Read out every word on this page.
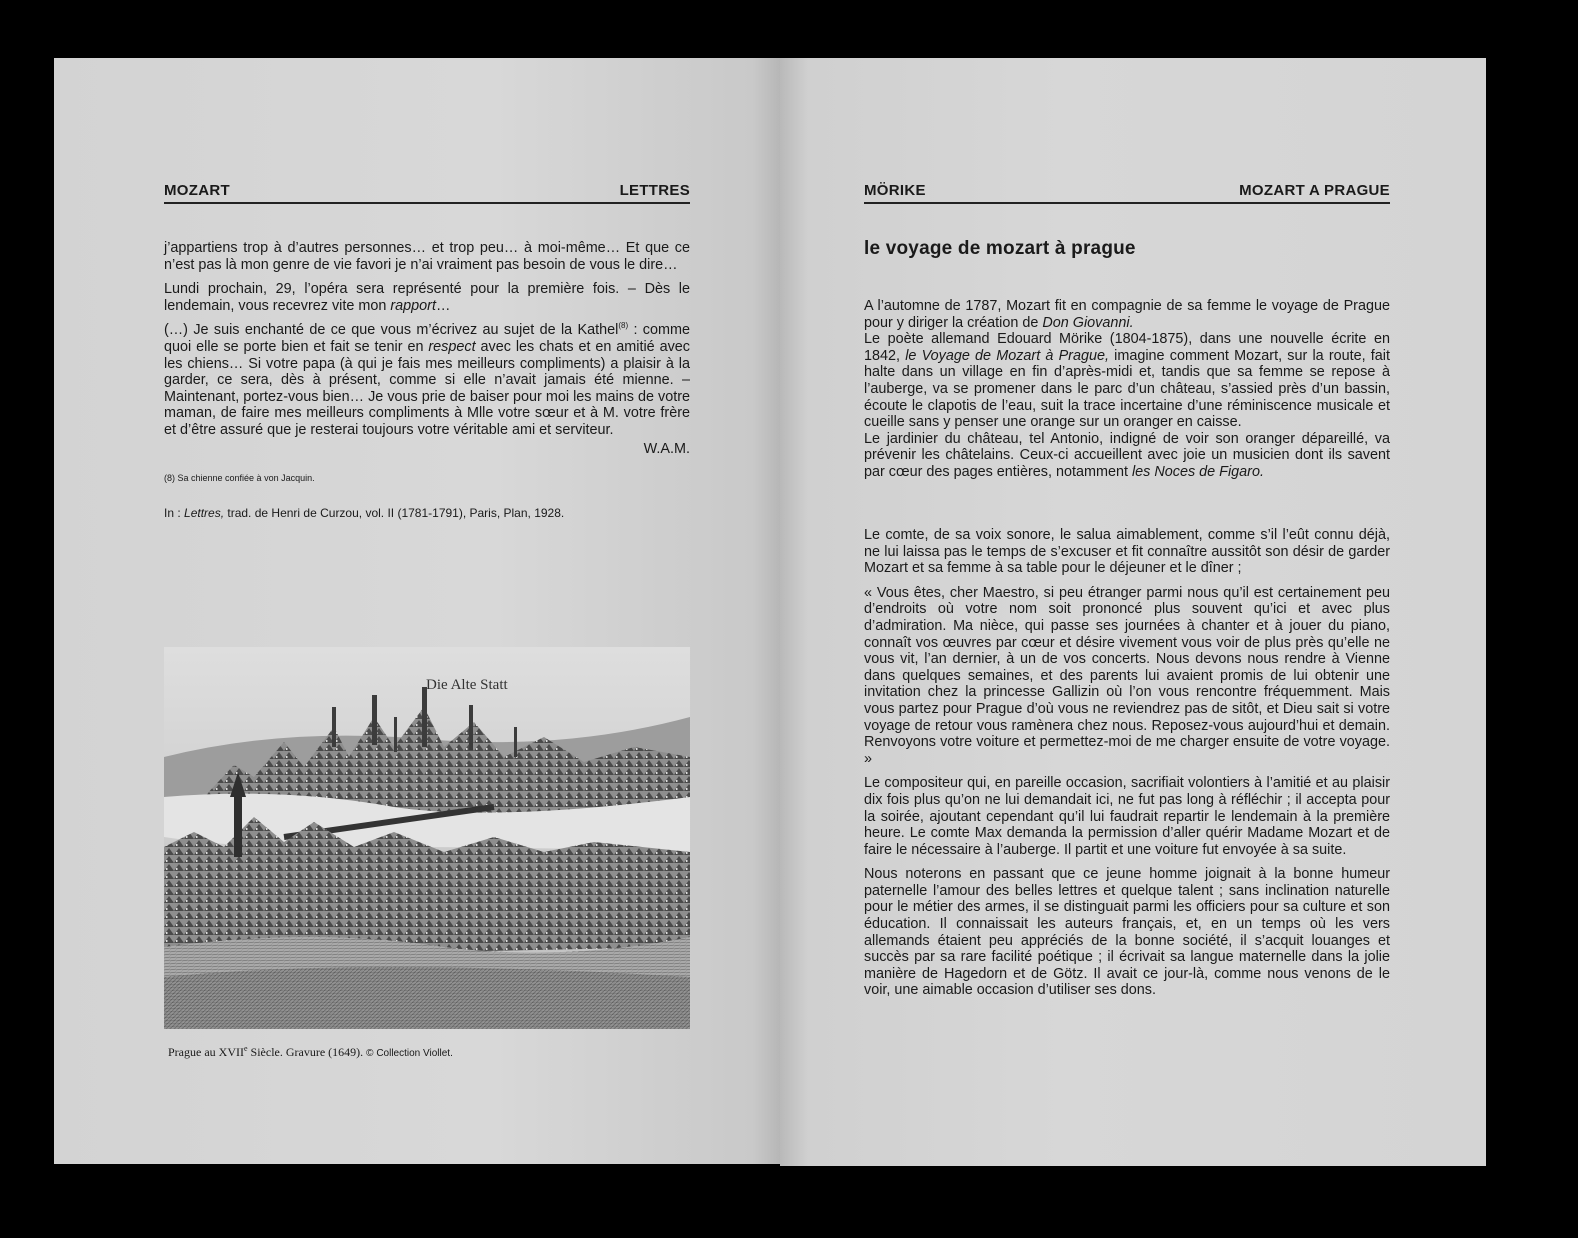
MOZART	LETTRES

j’appartiens trop à d’autres personnes… et trop peu… à moi-même… Et que ce n’est pas là mon genre de vie favori je n’ai vraiment pas besoin de vous le dire…

Lundi prochain, 29, l’opéra sera représenté pour la première fois. – Dès le lendemain, vous recevrez vite mon rapport…

(…) Je suis enchanté de ce que vous m’écrivez au sujet de la Kathel$^{(8)}$ : comme quoi elle se porte bien et fait se tenir en respect avec les chats et en amitié avec les chiens… Si votre papa (à qui je fais mes meilleurs compliments) a plaisir à la garder, ce sera, dès à présent, comme si elle n’avait jamais été mienne. – Maintenant, portez-vous bien… Je vous prie de baiser pour moi les mains de votre maman, de faire mes meilleurs compliments à Mlle votre sœur et à M. votre frère et d’être assuré que je resterai toujours votre véritable ami et serviteur.

W.A.M.
(8) Sa chienne confiée à von Jacquin.
In : Lettres, trad. de Henri de Curzou, vol. II (1781-1791), Paris, Plan, 1928.
Die Alte Statt
Prague au XVIIe Siècle. Gravure (1649). © Collection Viollet.
MÖRIKE	MOZART A PRAGUE
le voyage de mozart à prague

A l’automne de 1787, Mozart fit en compagnie de sa femme le voyage de Prague pour y diriger la création de Don Giovanni.

Le poète allemand Edouard Mörike (1804-1875), dans une nouvelle écrite en 1842, le Voyage de Mozart à Prague, imagine comment Mozart, sur la route, fait halte dans un village en fin d’après-midi et, tandis que sa femme se repose à l’auberge, va se promener dans le parc d’un château, s’assied près d’un bassin, écoute le clapotis de l’eau, suit la trace incertaine d’une réminiscence musicale et cueille sans y penser une orange sur un oranger en caisse.

Le jardinier du château, tel Antonio, indigné de voir son oranger dépareillé, va prévenir les châtelains. Ceux-ci accueillent avec joie un musicien dont ils savent par cœur des pages entières, notamment les Noces de Figaro.

Le comte, de sa voix sonore, le salua aimablement, comme s’il l’eût connu déjà, ne lui laissa pas le temps de s’excuser et fit connaître aussitôt son désir de garder Mozart et sa femme à sa table pour le déjeuner et le dîner ;

« Vous êtes, cher Maestro, si peu étranger parmi nous qu’il est certainement peu d’endroits où votre nom soit prononcé plus souvent qu’ici et avec plus d’admiration. Ma nièce, qui passe ses journées à chanter et à jouer du piano, connaît vos œuvres par cœur et désire vivement vous voir de plus près qu’elle ne vous vit, l’an dernier, à un de vos concerts. Nous devons nous rendre à Vienne dans quelques semaines, et des parents lui avaient promis de lui obtenir une invitation chez la princesse Gallizin où l’on vous rencontre fréquemment. Mais vous partez pour Prague d’où vous ne reviendrez pas de sitôt, et Dieu sait si votre voyage de retour vous ramènera chez nous. Reposez-vous aujourd’hui et demain. Renvoyons votre voiture et permettez-moi de me charger ensuite de votre voyage. »

Le compositeur qui, en pareille occasion, sacrifiait volontiers à l’amitié et au plaisir dix fois plus qu’on ne lui demandait ici, ne fut pas long à réfléchir ; il accepta pour la soirée, ajoutant cependant qu’il lui faudrait repartir le lendemain à la première heure. Le comte Max demanda la permission d’aller quérir Madame Mozart et de faire le nécessaire à l’auberge. Il partit et une voiture fut envoyée à sa suite.

Nous noterons en passant que ce jeune homme joignait à la bonne humeur paternelle l’amour des belles lettres et quelque talent ; sans inclination naturelle pour le métier des armes, il se distinguait parmi les officiers pour sa culture et son éducation. Il connaissait les auteurs français, et, en un temps où les vers allemands étaient peu appréciés de la bonne société, il s’acquit louanges et succès par sa rare facilité poétique ; il écrivait sa langue maternelle dans la jolie manière de Hagedorn et de Götz. Il avait ce jour-là, comme nous venons de le voir, une aimable occasion d’utiliser ses dons.
